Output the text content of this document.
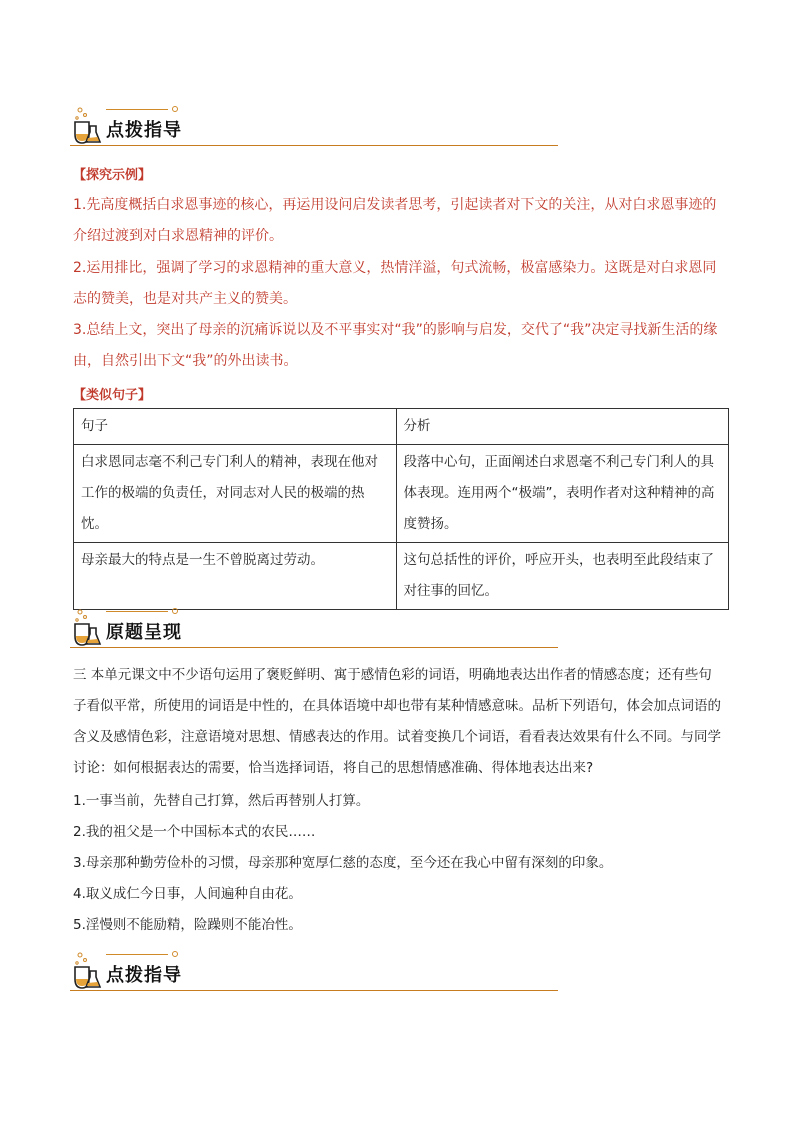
点拨指导
【探究示例】
1.先高度概括白求恩事迹的核心，再运用设问启发读者思考，引起读者对下文的关注，从对白求恩事迹的介绍过渡到对白求恩精神的评价。
2.运用排比，强调了学习的求恩精神的重大意义，热情洋溢，句式流畅，极富感染力。这既是对白求恩同志的赞美，也是对共产主义的赞美。
3.总结上文，突出了母亲的沉痛诉说以及不平事实对“我”的影响与启发，交代了“我”决定寻找新生活的缘由，自然引出下文“我”的外出读书。
【类似句子】
句子	分析
白求恩同志毫不利己专门利人的精神，表现在他对工作的极端的负责任，对同志对人民的极端的热忱。	段落中心句，正面阐述白求恩毫不利己专门利人的具体表现。连用两个“极端”，表明作者对这种精神的高度赞扬。
母亲最大的特点是一生不曾脱离过劳动。	这句总括性的评价，呼应开头，也表明至此段结束了对往事的回忆。
原题呈现
三 本单元课文中不少语句运用了褒贬鲜明、寓于感情色彩的词语，明确地表达出作者的情感态度；还有些句子看似平常，所使用的词语是中性的，在具体语境中却也带有某种情感意味。品析下列语句，体会加点词语的含义及感情色彩，注意语境对思想、情感表达的作用。试着变换几个词语，看看表达效果有什么不同。与同学讨论：如何根据表达的需要，恰当选择词语，将自己的思想情感准确、得体地表达出来?
1.一事当前，先替自己打算，然后再替别人打算。
2.我的祖父是一个中国标本式的农民……
3.母亲那种勤劳俭朴的习惯，母亲那种宽厚仁慈的态度，至今还在我心中留有深刻的印象。
4.取义成仁今日事，人间遍种自由花。
5.淫慢则不能励精，险躁则不能冶性。
点拨指导
